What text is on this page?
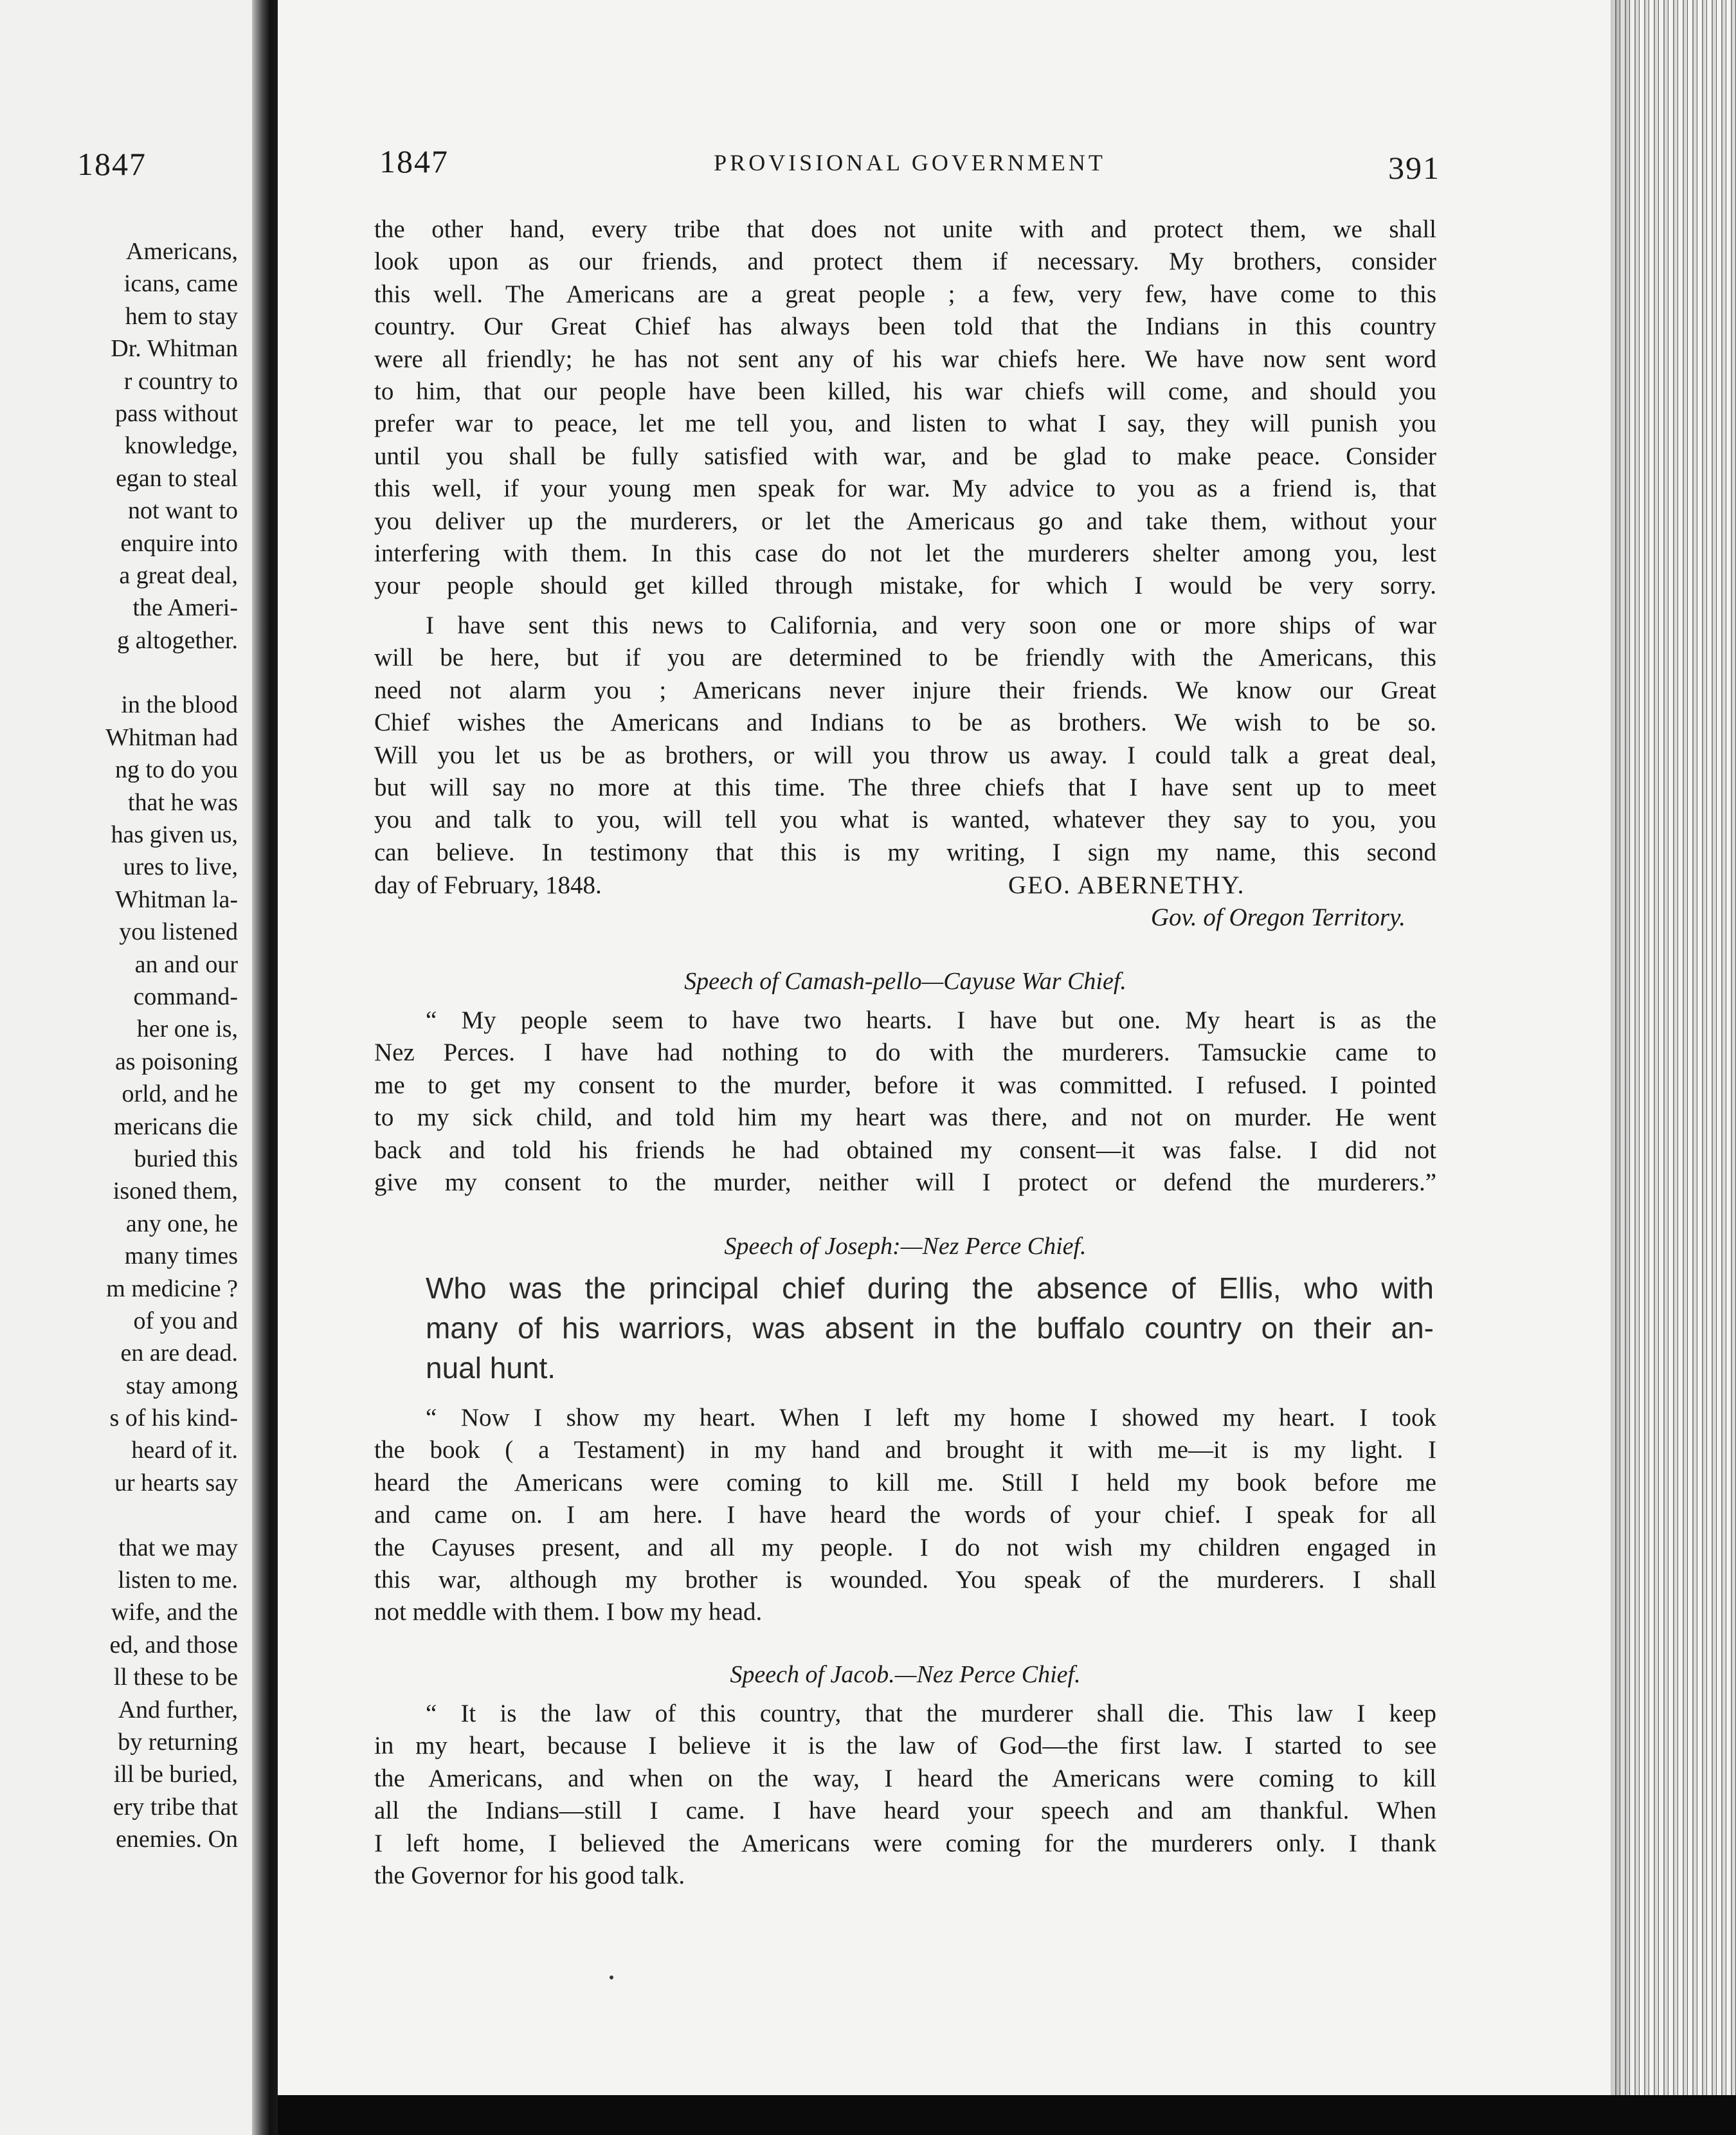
1847
Americans,
icans, came
hem to stay
Dr. Whitman
r country to
pass without
knowledge,
egan to steal
not want to
enquire into
a great deal,
the Ameri-
g altogether.
in the blood
Whitman had
ng to do you
that he was
has given us,
ures to live,
Whitman la-
you listened
an and our
command-
her one is,
as poisoning
orld, and he
mericans die
buried this
isoned them,
any one, he
many times
m medicine ?
of you and
en are dead.
stay among
s of his kind-
heard of it.
ur hearts say
that we may
listen to me.
wife, and the
ed, and those
ll these to be
And further,
by returning
ill be buried,
ery tribe that
enemies. On
1847	PROVISIONAL GOVERNMENT	391
the other hand, every tribe that does not unite with and protect them, we shall
look upon as our friends, and protect them if necessary. My brothers, consider
this well. The Americans are a great people ; a few, very few, have come to this
country. Our Great Chief has always been told that the Indians in this country
were all friendly; he has not sent any of his war chiefs here. We have now sent word
to him, that our people have been killed, his war chiefs will come, and should you
prefer war to peace, let me tell you, and listen to what I say, they will punish you
until you shall be fully satisfied with war, and be glad to make peace. Consider
this well, if your young men speak for war. My advice to you as a friend is, that
you deliver up the murderers, or let the Americaus go and take them, without your
interfering with them. In this case do not let the murderers shelter among you, lest
your people should get killed through mistake, for which I would be very sorry.
I have sent this news to California, and very soon one or more ships of war
will be here, but if you are determined to be friendly with the Americans, this
need not alarm you ; Americans never injure their friends. We know our Great
Chief wishes the Americans and Indians to be as brothers. We wish to be so.
Will you let us be as brothers, or will you throw us away. I could talk a great deal,
but will say no more at this time. The three chiefs that I have sent up to meet
you and talk to you, will tell you what is wanted, whatever they say to you, you
can believe. In testimony that this is my writing, I sign my name, this second
day of February, 1848.	GEO. ABERNETHY.
Gov. of Oregon Territory.
Speech of Camash-pello—Cayuse War Chief.
“ My people seem to have two hearts. I have but one. My heart is as the
Nez Perces. I have had nothing to do with the murderers. Tamsuckie came to
me to get my consent to the murder, before it was committed. I refused. I pointed
to my sick child, and told him my heart was there, and not on murder. He went
back and told his friends he had obtained my consent—it was false. I did not
give my consent to the murder, neither will I protect or defend the murderers.”
Speech of Joseph:—Nez Perce Chief.
Who was the principal chief during the absence of Ellis, who with
many of his warriors, was absent in the buffalo country on their an-
nual hunt.
“ Now I show my heart. When I left my home I showed my heart. I took
the book ( a Testament) in my hand and brought it with me—it is my light. I
heard the Americans were coming to kill me. Still I held my book before me
and came on. I am here. I have heard the words of your chief. I speak for all
the Cayuses present, and all my people. I do not wish my children engaged in
this war, although my brother is wounded. You speak of the murderers. I shall
not meddle with them. I bow my head.
Speech of Jacob.—Nez Perce Chief.
“ It is the law of this country, that the murderer shall die. This law I keep
in my heart, because I believe it is the law of God—the first law. I started to see
the Americans, and when on the way, I heard the Americans were coming to kill
all the Indians—still I came. I have heard your speech and am thankful. When
I left home, I believed the Americans were coming for the murderers only. I thank
the Governor for his good talk.
